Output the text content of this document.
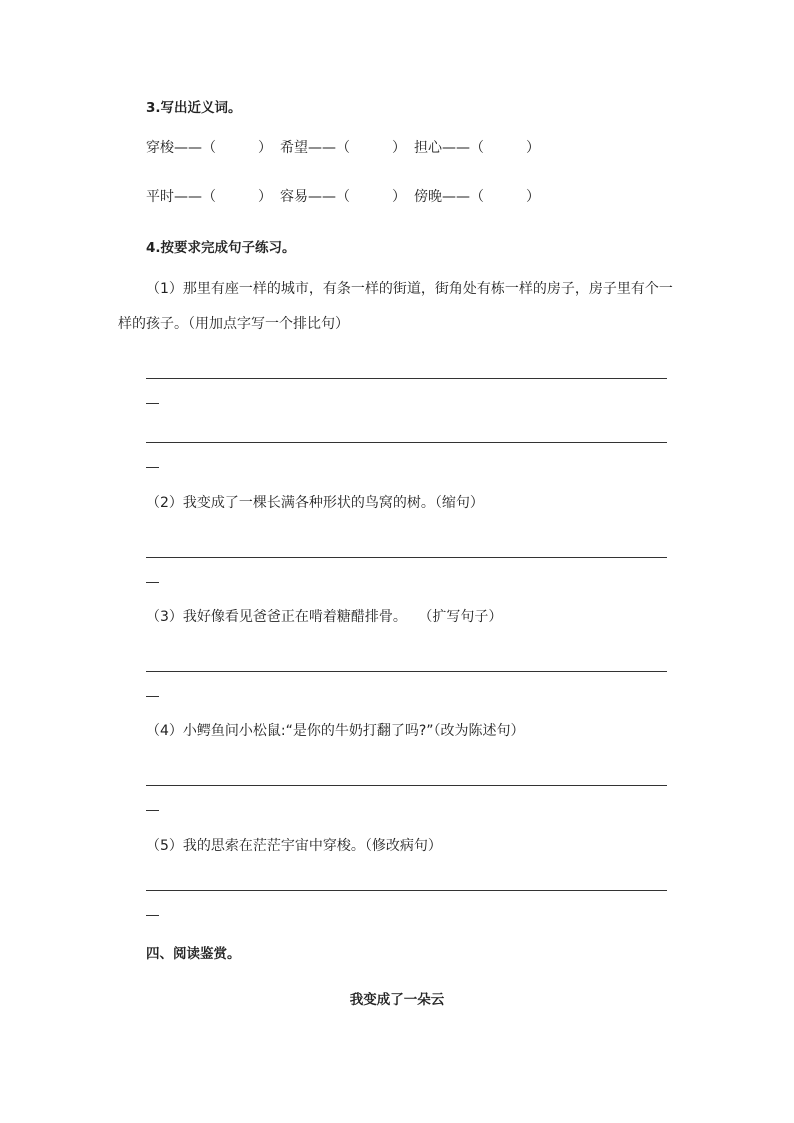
3.写出近义词。
穿梭——（　　　） 希望——（　　　） 担心——（　　　）
平时——（　　　） 容易——（　　　） 傍晚——（　　　）
4.按要求完成句子练习。
（1）那里有座一样的城市，有条一样的街道，街角处有栋一样的房子，房子里有个一
样的孩子。（用加点字写一个排比句）
（2）我变成了一棵长满各种形状的鸟窝的树。（缩句）
（3）我好像看见爸爸正在啃着糖醋排骨。　 （扩写句子）
（4）小鳄鱼问小松鼠:“是你的牛奶打翻了吗?”（改为陈述句）
（5）我的思索在茫茫宇宙中穿梭。（修改病句）
四、阅读鉴赏。
我变成了一朵云
